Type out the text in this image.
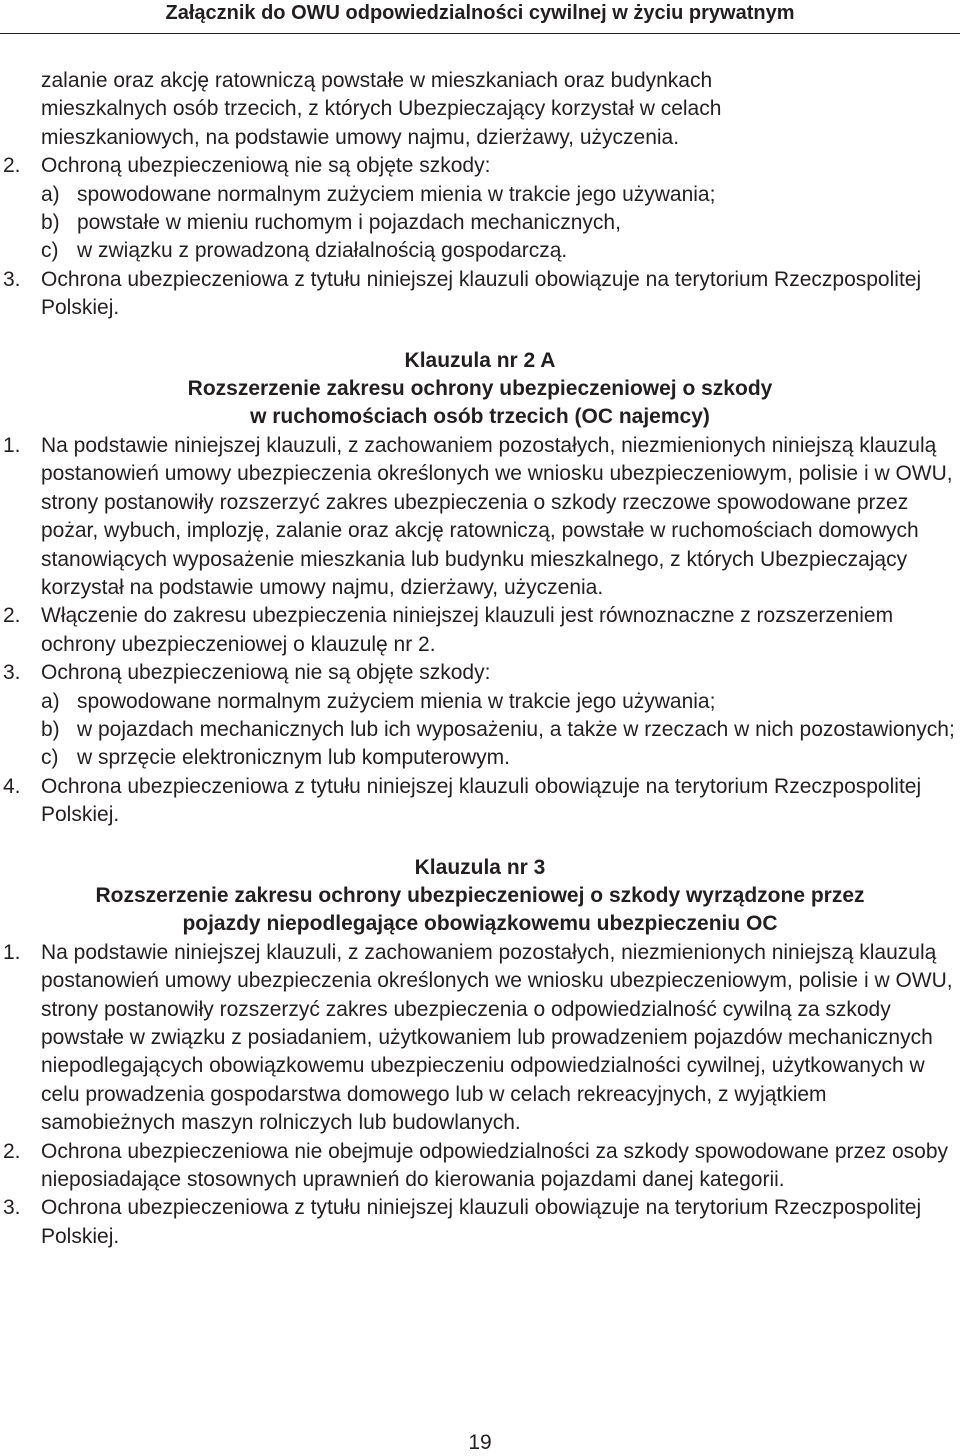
Załącznik do OWU odpowiedzialności cywilnej w życiu prywatnym
zalanie oraz akcję ratowniczą powstałe w mieszkaniach oraz budynkach
mieszkalnych osób trzecich, z których Ubezpieczający korzystał w celach
mieszkaniowych, na podstawie umowy najmu, dzierżawy, użyczenia.
2. Ochroną ubezpieczeniową nie są objęte szkody:
a) spowodowane normalnym zużyciem mienia w trakcie jego używania;
b) powstałe w mieniu ruchomym i pojazdach mechanicznych,
c) w związku z prowadzoną działalnością gospodarczą.
3. Ochrona ubezpieczeniowa z tytułu niniejszej klauzuli obowiązuje na terytorium Rzeczpospolitej Polskiej.
Klauzula nr 2 A
Rozszerzenie zakresu ochrony ubezpieczeniowej o szkody
w ruchomościach osób trzecich (OC najemcy)
1. Na podstawie niniejszej klauzuli, z zachowaniem pozostałych, niezmienionych niniejszą klauzulą postanowień umowy ubezpieczenia określonych we wniosku ubezpieczeniowym, polisie i w OWU, strony postanowiły rozszerzyć zakres ubezpieczenia o szkody rzeczowe spowodowane przez pożar, wybuch, implozję, zalanie oraz akcję ratowniczą, powstałe w ruchomościach domowych stanowiących wyposażenie mieszkania lub budynku mieszkalnego, z których Ubezpieczający korzystał na podstawie umowy najmu, dzierżawy, użyczenia.
2. Włączenie do zakresu ubezpieczenia niniejszej klauzuli jest równoznaczne z rozszerzeniem ochrony ubezpieczeniowej o klauzulę nr 2.
3. Ochroną ubezpieczeniową nie są objęte szkody:
a) spowodowane normalnym zużyciem mienia w trakcie jego używania;
b) w pojazdach mechanicznych lub ich wyposażeniu, a także w rzeczach w nich pozostawionych;
c) w sprzęcie elektronicznym lub komputerowym.
4. Ochrona ubezpieczeniowa z tytułu niniejszej klauzuli obowiązuje na terytorium Rzeczpospolitej Polskiej.
Klauzula nr 3
Rozszerzenie zakresu ochrony ubezpieczeniowej o szkody wyrządzone przez
pojazdy niepodlegające obowiązkowemu ubezpieczeniu OC
1. Na podstawie niniejszej klauzuli, z zachowaniem pozostałych, niezmienionych niniejszą klauzulą postanowień umowy ubezpieczenia określonych we wniosku ubezpieczeniowym, polisie i w OWU, strony postanowiły rozszerzyć zakres ubezpieczenia o odpowiedzialność cywilną za szkody powstałe w związku z posiadaniem, użytkowaniem lub prowadzeniem pojazdów mechanicznych niepodlegających obowiązkowemu ubezpieczeniu odpowiedzialności cywilnej, użytkowanych w celu prowadzenia gospodarstwa domowego lub w celach rekreacyjnych, z wyjątkiem samobieżnych maszyn rolniczych lub budowlanych.
2. Ochrona ubezpieczeniowa nie obejmuje odpowiedzialności za szkody spowodowane przez osoby nieposiadające stosownych uprawnień do kierowania pojazdami danej kategorii.
3. Ochrona ubezpieczeniowa z tytułu niniejszej klauzuli obowiązuje na terytorium Rzeczpospolitej Polskiej.
19
